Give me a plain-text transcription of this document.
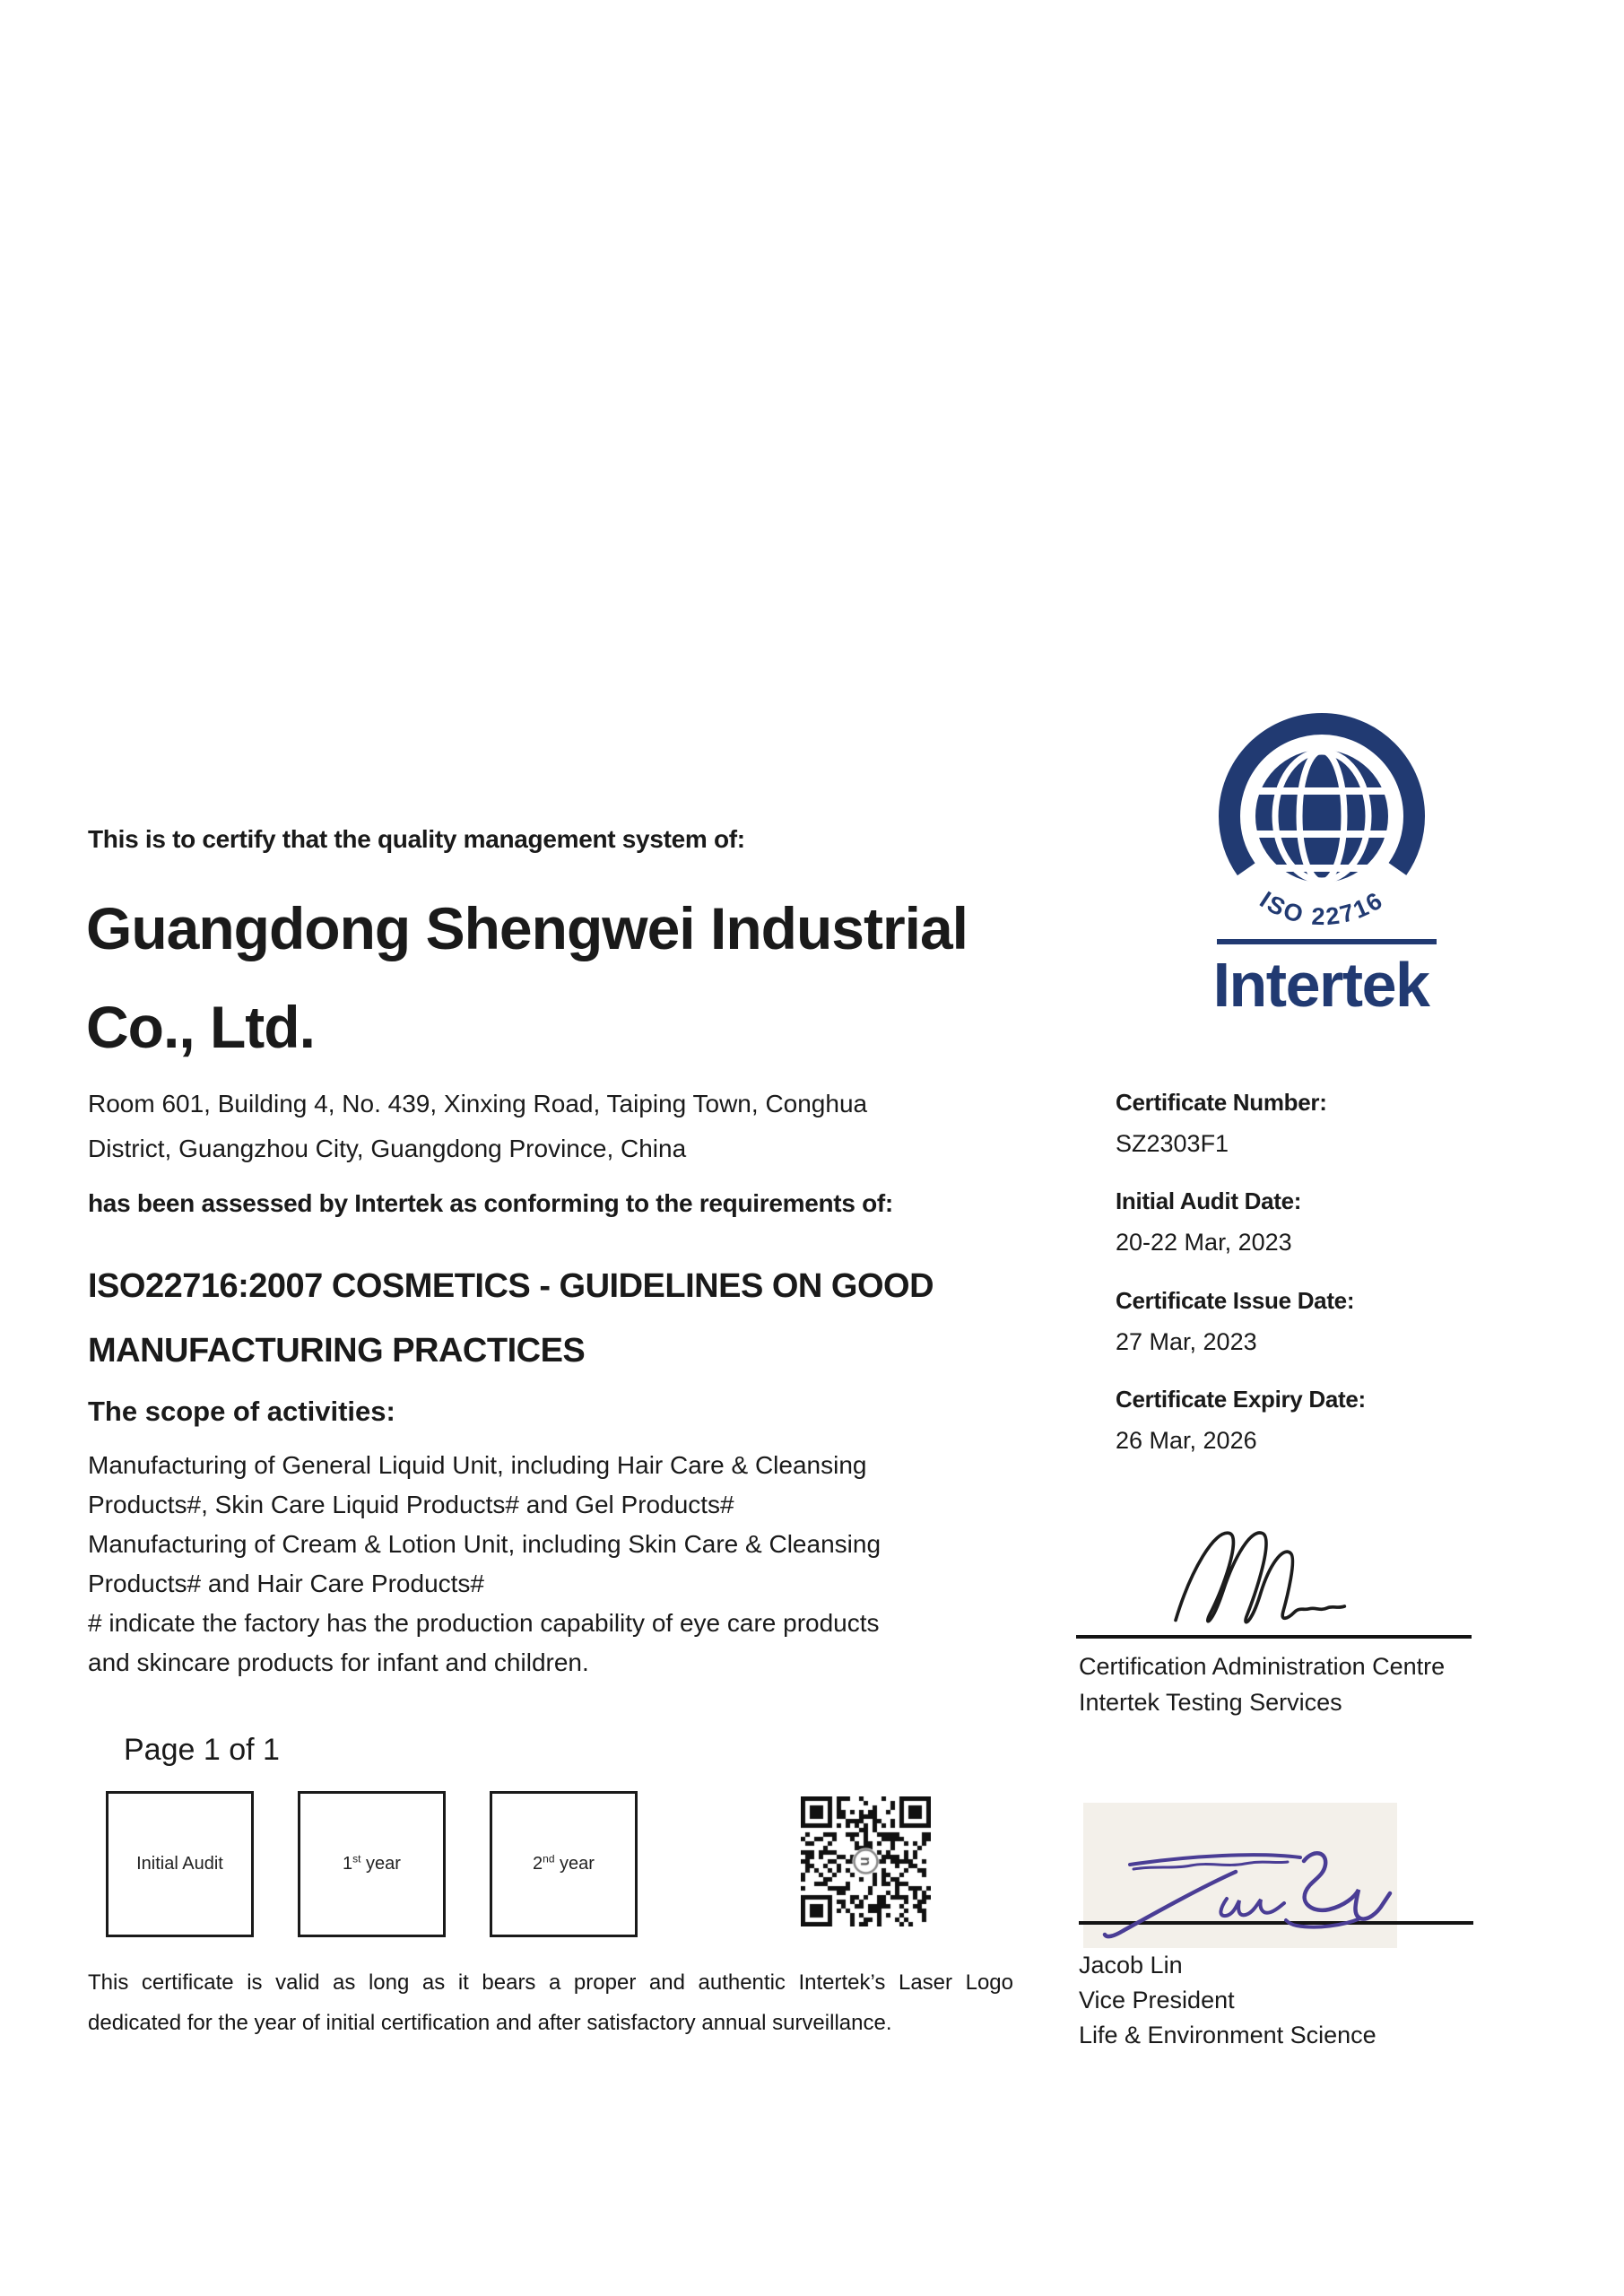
This is to certify that the quality management system of:
Guangdong Shengwei Industrial
Co., Ltd.
Room 601, Building 4, No. 439, Xinxing Road, Taiping Town, Conghua
District, Guangzhou City, Guangdong Province, China
has been assessed by Intertek as conforming to the requirements of:
ISO22716:2007 COSMETICS - GUIDELINES ON GOOD
MANUFACTURING PRACTICES
The scope of activities:
Manufacturing of General Liquid Unit, including Hair Care & Cleansing
Products#, Skin Care Liquid Products# and Gel Products#
Manufacturing of Cream & Lotion Unit, including Skin Care & Cleansing
Products# and Hair Care Products#
# indicate the factory has the production capability of eye care products
and skincare products for infant and children.
Page 1 of 1
Initial Audit	1st year	2nd year
This certificate is valid as long as it bears a proper and authentic Intertek’s Laser Logo
dedicated for the year of initial certification and after satisfactory annual surveillance.
ISO 22716
Intertek
Certificate Number:
SZ2303F1
Initial Audit Date:
20-22 Mar, 2023
Certificate Issue Date:
27 Mar, 2023
Certificate Expiry Date:
26 Mar, 2026
Certification Administration Centre
Intertek Testing Services
Jacob Lin
Vice President
Life & Environment Science
